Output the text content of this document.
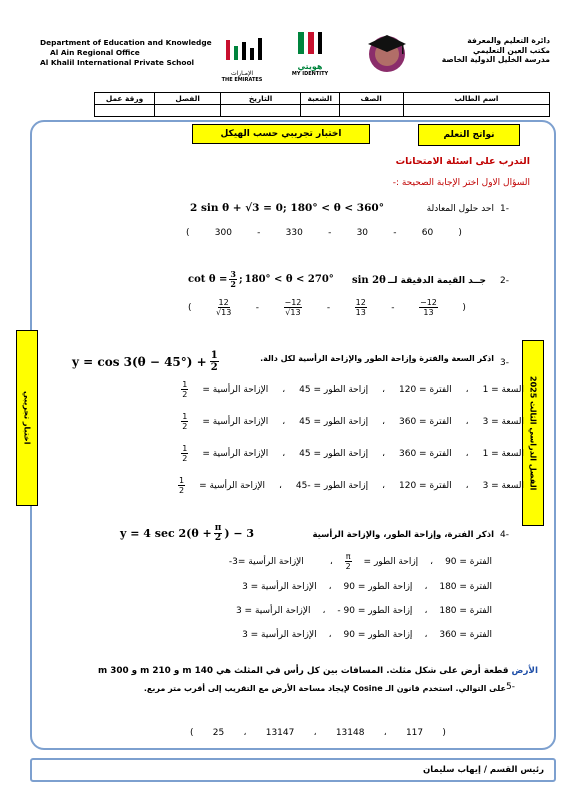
Department of Education and Knowledge
Al Ain Regional Office
Al Khalil International Private School
الإمـارات
THE EMIRATES
هويتي
MY IDENTITY
دائرة التعليم والمعرفة
مكتب العين التعليمي
مدرسة الخليل الدولية الخاصة
اسم الطالب	الصف	الشعبة	التاريخ	الفصل	ورقة عمل

نواتج التعلم
اختبار تجريبي حسب الهيكل
التدرب على اسئلة الامتحانات
السؤال الاول اختر الإجابة الصحيحة :-
اختبار تجريبي
الفصل الدراسي الثالث 2025
-1
احد حلول المعادلة
2 sin θ + √3 = 0; 180° < θ < 360°
(	300	-	330	-	30	-	60	)
-2
جــد القيمة الدقيقة لــ
sin 2θ
$\cot \theta = \frac{3}{2}$ ; 180° < θ < 270°
(	$\frac{12}{√13}$	-	$\frac{-12}{√13}$	-	$\frac{12}{13}$	-	$\frac{-12}{13}$	)
-3
اذكر السعة والفترة وإزاحة الطور والإزاحة الرأسية لكل دالة.
$y = \cos 3(\theta - 45^\circ) + \frac{1}{2}$
السعة = 1
،
الفترة = 120
،
إزاحة الطور = 45
،
الإزاحة الرأسية =
$\frac{1}{2}$
السعة = 3
،
الفترة = 360
،
إزاحة الطور = 45
،
الإزاحة الرأسية =
$\frac{1}{2}$
السعة = 1
،
الفترة = 360
،
إزاحة الطور = 45
،
الإزاحة الرأسية =
$\frac{1}{2}$
السعة = 3
،
الفترة = 120
،
إزاحة الطور = -45
،
الإزاحة الرأسية =
$\frac{1}{2}$
-4
اذكر الفترة، وإزاحة الطور، والإزاحة الرأسية
y = 4 $\sec 2(\theta + \frac{\pi}{2}$ ) − 3
الفترة = 90
،
إزاحة الطور =
$\frac{\pi}{2}$
،
الإزاحة الرأسية =3-
الفترة = 180
،
إزاحة الطور = 90
،
الإزاحة الرأسية = 3
الفترة = 180
،
إزاحة الطور = 90 -
،
الإزاحة الرأسية = 3
الفترة = 360
،
إزاحة الطور = 90
،
الإزاحة الرأسية = 3
-5
الأرض قطعة أرض على شكل مثلث. المسافات بين كل رأس في المثلث هي 140 m و 210 m و 300 m
على التوالي. استخدم قانون الـ Cosine لإيجاد مساحة الأرض مع التقريب إلى أقرب متر مربع.
( 25 ، 13147 ، 13148 ، 117 )
رئيس القسم / إيهاب سليمان
